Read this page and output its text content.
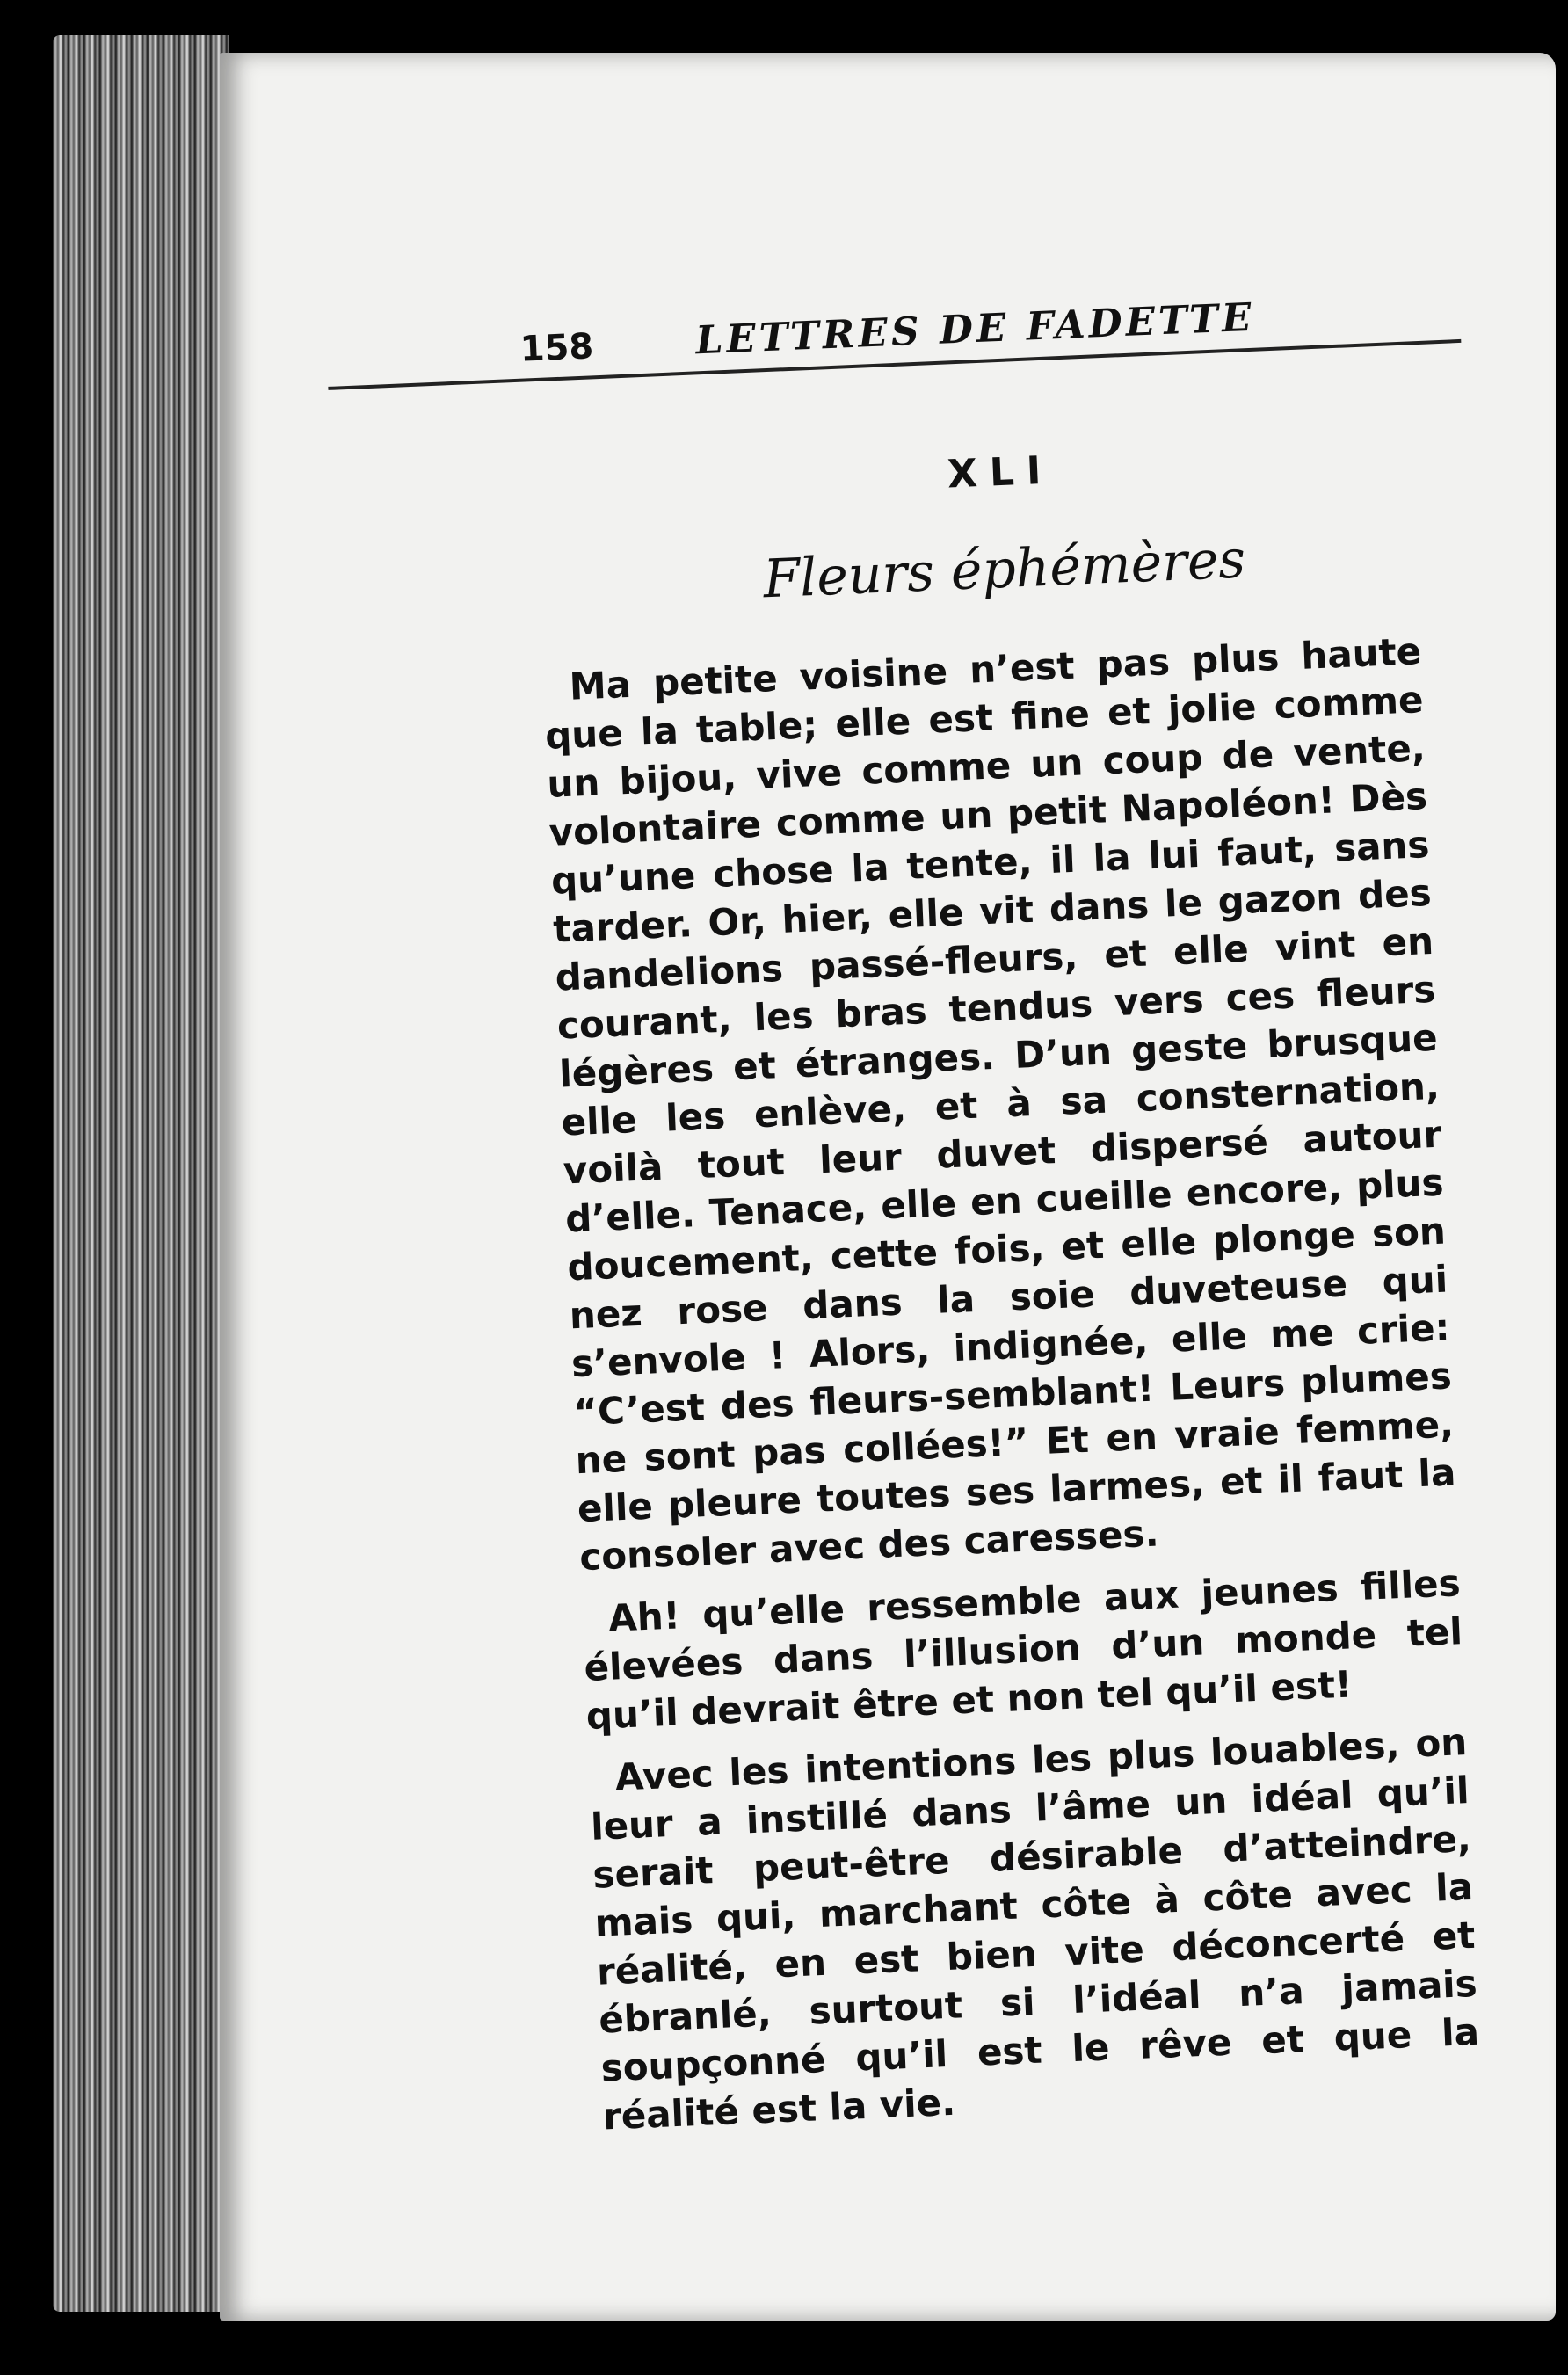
158	LETTRES DE FADETTE
XLI
Fleurs éphémères

Ma petite voisine n’est pas plus haute que la table; elle est fine et jolie comme un bijou, vive comme un coup de vente, volontaire comme un petit Napoléon! Dès qu’une chose la tente, il la lui faut, sans tarder. Or, hier, elle vit dans le gazon des dandelions passé-fleurs, et elle vint en courant, les bras tendus vers ces fleurs légères et étranges. D’un geste brusque elle les enlève, et à sa consternation, voilà tout leur duvet dispersé autour d’elle. Tenace, elle en cueille encore, plus doucement, cette fois, et elle plonge son nez rose dans la soie duveteuse qui s’envole ! Alors, indignée, elle me crie: “C’est des fleurs-semblant! Leurs plumes ne sont pas collées!” Et en vraie femme, elle pleure toutes ses larmes, et il faut la consoler avec des caresses.

Ah! qu’elle ressemble aux jeunes filles élevées dans l’illusion d’un monde tel qu’il devrait être et non tel qu’il est!

Avec les intentions les plus louables, on leur a instillé dans l’âme un idéal qu’il serait peut-être désirable d’atteindre, mais qui, marchant côte à côte avec la réalité, en est bien vite déconcerté et ébranlé, surtout si l’idéal n’a jamais soupçonné qu’il est le rêve et que la réalité est la vie.
